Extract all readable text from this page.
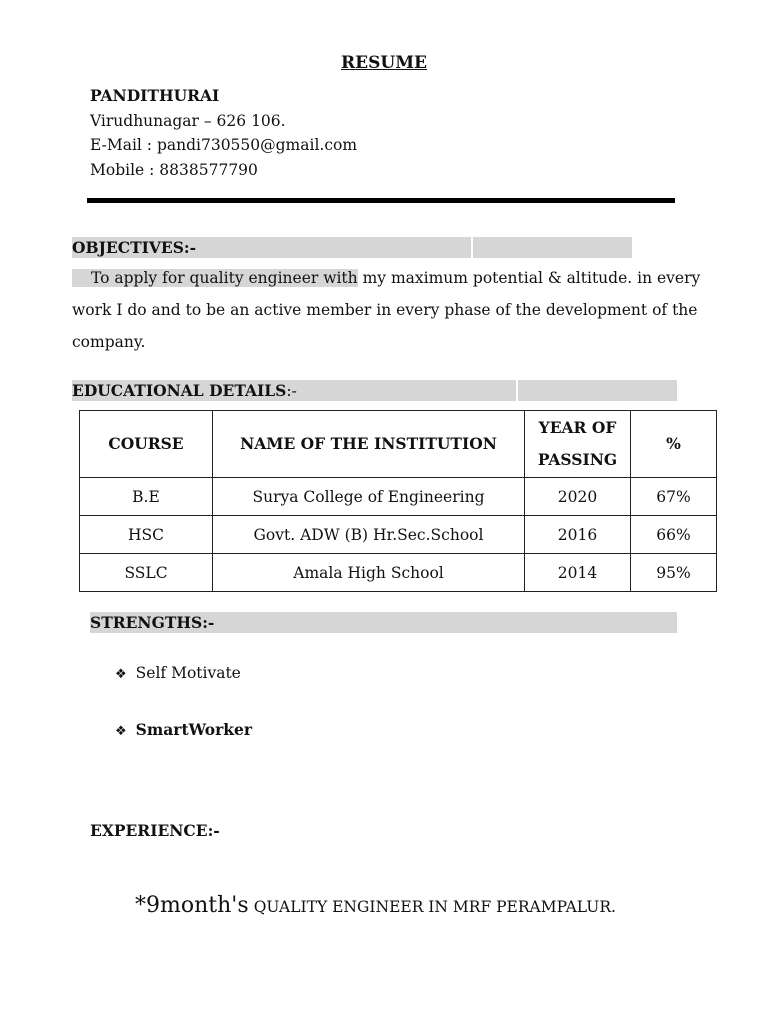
RESUME
PANDITHURAI
Virudhunagar – 626 106.
E-Mail : pandi730550@gmail.com
Mobile : 8838577790
OBJECTIVES:-
To apply for quality engineer with my maximum potential & altitude. in every work I do and to be an active member in every phase of the development of the company.
EDUCATIONAL DETAILS:-
COURSE	NAME OF THE INSTITUTION	YEAR OF PASSING	%
B.E	Surya College of Engineering	2020	67%
HSC	Govt. ADW (B) Hr.Sec.School	2016	66%
SSLC	Amala High School	2014	95%
STRENGTHS:-
❖ Self Motivate
❖ SmartWorker
EXPERIENCE:-
*9month's QUALITY ENGINEER IN MRF PERAMPALUR.
